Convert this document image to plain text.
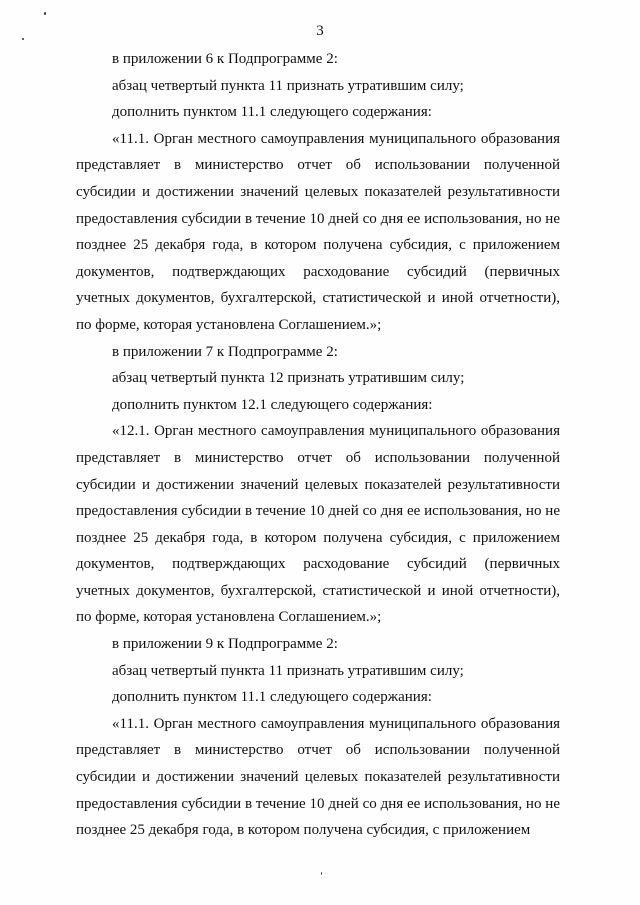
3

в приложении 6 к Подпрограмме 2:

абзац четвертый пункта 11 признать утратившим силу;

дополнить пунктом 11.1 следующего содержания:

«11.1. Орган местного самоуправления муниципального образования представляет в министерство отчет об использовании полученной субсидии и достижении значений целевых показателей результативности предоставления субсидии в течение 10 дней со дня ее использования, но не позднее 25 декабря года, в котором получена субсидия, с приложением документов, подтверждающих расходование субсидий (первичных учетных документов, бухгалтерской, статистической и иной отчетности), по форме, которая установлена Соглашением.»;

в приложении 7 к Подпрограмме 2:

абзац четвертый пункта 12 признать утратившим силу;

дополнить пунктом 12.1 следующего содержания:

«12.1. Орган местного самоуправления муниципального образования представляет в министерство отчет об использовании полученной субсидии и достижении значений целевых показателей результативности предоставления субсидии в течение 10 дней со дня ее использования, но не позднее 25 декабря года, в котором получена субсидия, с приложением документов, подтверждающих расходование субсидий (первичных учетных документов, бухгалтерской, статистической и иной отчетности), по форме, которая установлена Соглашением.»;

в приложении 9 к Подпрограмме 2:

абзац четвертый пункта 11 признать утратившим силу;

дополнить пунктом 11.1 следующего содержания:

«11.1. Орган местного самоуправления муниципального образования представляет в министерство отчет об использовании полученной субсидии и достижении значений целевых показателей результативности предоставления субсидии в течение 10 дней со дня ее использования, но не позднее 25 декабря года, в котором получена субсидия, с приложением
